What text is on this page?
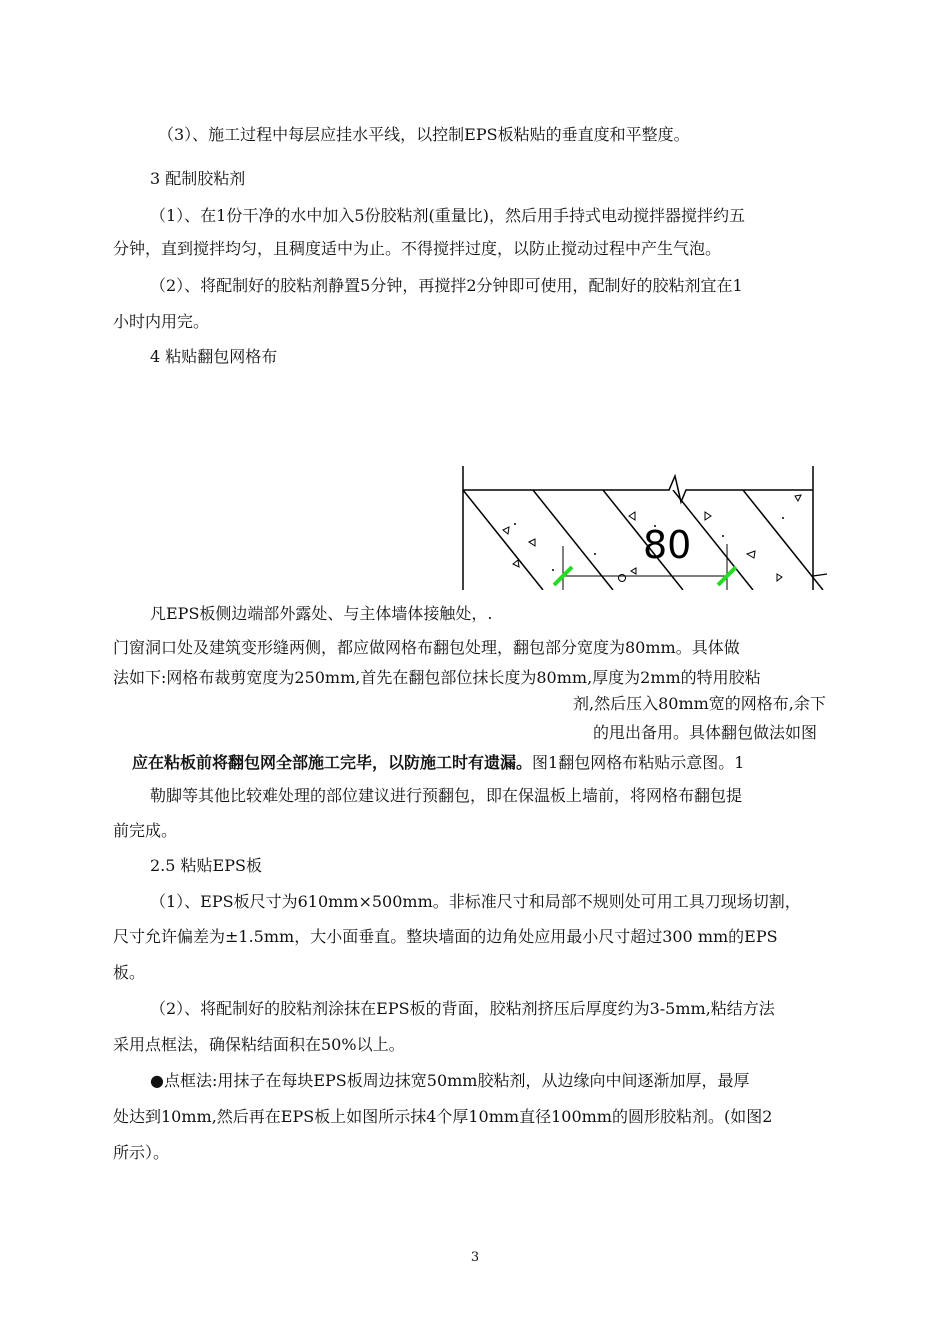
（3）、施工过程中每层应挂水平线，以控制EPS板粘贴的垂直度和平整度。
3 配制胶粘剂
（1）、在1份干净的水中加入5份胶粘剂(重量比)，然后用手持式电动搅拌器搅拌约五
分钟，直到搅拌均匀，且稠度适中为止。不得搅拌过度，以防止搅动过程中产生气泡。
（2）、将配制好的胶粘剂静置5分钟，再搅拌2分钟即可使用，配制好的胶粘剂宜在1
小时内用完。
4 粘贴翻包网格布
80
凡EPS板侧边端部外露处、与主体墙体接触处，.
门窗洞口处及建筑变形缝两侧，都应做网格布翻包处理，翻包部分宽度为80mm。具体做
法如下:网格布裁剪宽度为250mm,首先在翻包部位抹长度为80mm,厚度为2mm的特用胶粘
剂,然后压入80mm宽的网格布,余下
的甩出备用。具体翻包做法如图
应在粘板前将翻包网全部施工完毕，以防施工时有遗漏。图1翻包网格布粘贴示意图。1
勒脚等其他比较难处理的部位建议进行预翻包，即在保温板上墙前，将网格布翻包提
前完成。
2.5 粘贴EPS板
（1）、EPS板尺寸为610mm×500mm。非标准尺寸和局部不规则处可用工具刀现场切割，
尺寸允许偏差为±1.5mm，大小面垂直。整块墙面的边角处应用最小尺寸超过300 mm的EPS
板。
（2）、将配制好的胶粘剂涂抹在EPS板的背面，胶粘剂挤压后厚度约为3-5mm,粘结方法
采用点框法，确保粘结面积在50%以上。
●点框法:用抹子在每块EPS板周边抹宽50mm胶粘剂，从边缘向中间逐渐加厚，最厚
处达到10mm,然后再在EPS板上如图所示抹4个厚10mm直径100mm的圆形胶粘剂。(如图2
所示）。
3
